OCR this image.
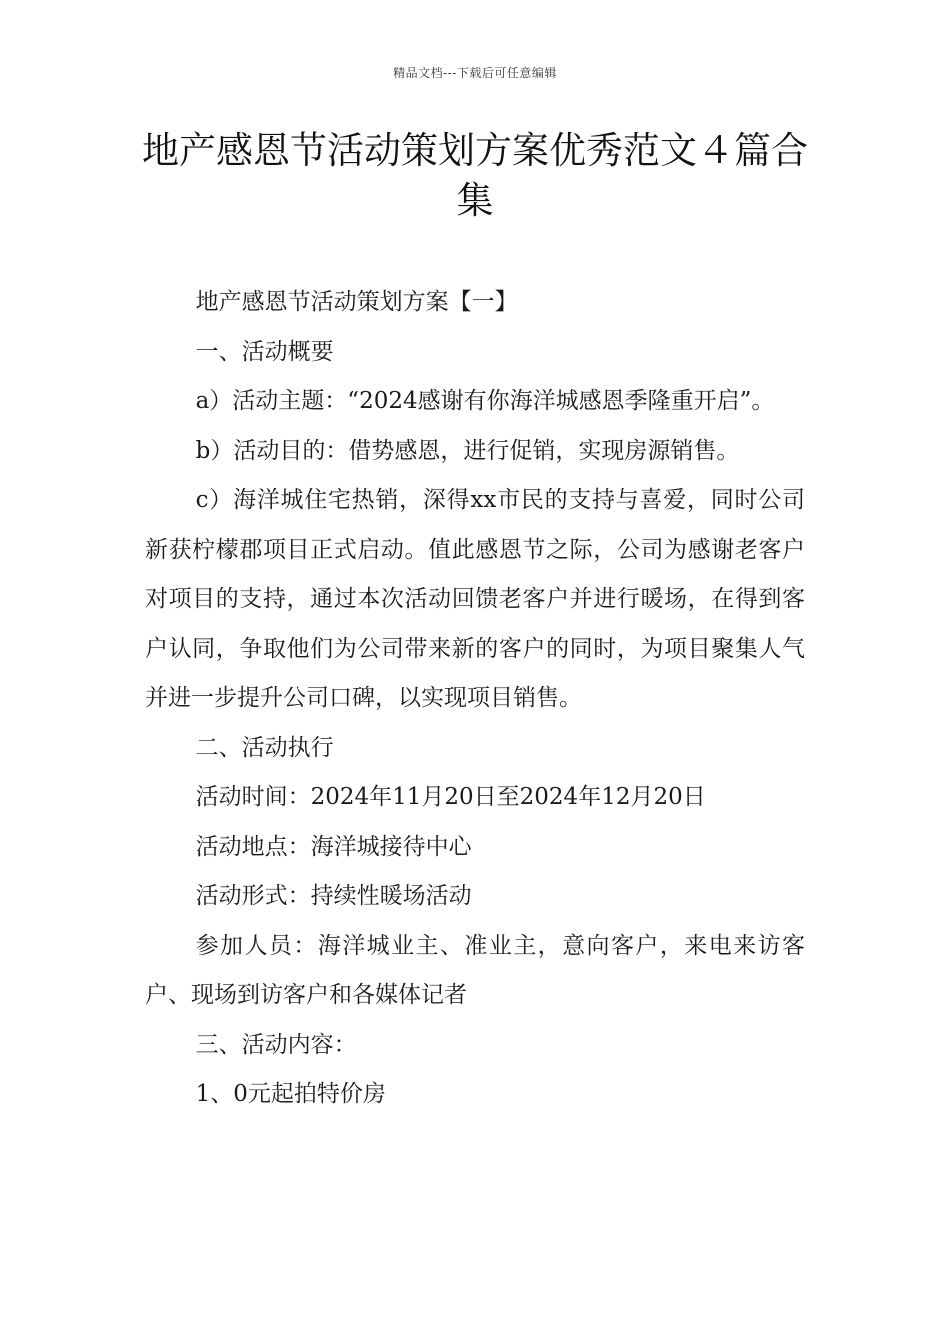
精品文档---下载后可任意编辑
地产感恩节活动策划方案优秀范文４篇合集

地产感恩节活动策划方案【一】

一、活动概要

a）活动主题：“2024感谢有你海洋城感恩季隆重开启”。

b）活动目的：借势感恩，进行促销，实现房源销售。

c）海洋城住宅热销，深得xx市民的支持与喜爱，同时公司新获柠檬郡项目正式启动。值此感恩节之际，公司为感谢老客户对项目的支持，通过本次活动回馈老客户并进行暖场，在得到客户认同，争取他们为公司带来新的客户的同时，为项目聚集人气并进一步提升公司口碑，以实现项目销售。

二、活动执行

活动时间：2024年11月20日至2024年12月20日

活动地点：海洋城接待中心

活动形式：持续性暖场活动

参加人员：海洋城业主、准业主，意向客户，来电来访客户、现场到访客户和各媒体记者

三、活动内容：

1、0元起拍特价房
